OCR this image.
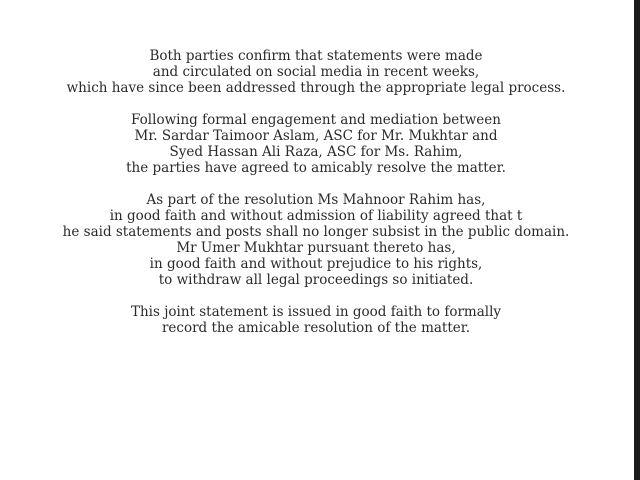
Both parties confirm that statements were made
and circulated on social media in recent weeks,
which have since been addressed through the appropriate legal process.

Following formal engagement and mediation between
Mr. Sardar Taimoor Aslam, ASC for Mr. Mukhtar and
Syed Hassan Ali Raza, ASC for Ms. Rahim,
the parties have agreed to amicably resolve the matter.

As part of the resolution Ms Mahnoor Rahim has,
in good faith and without admission of liability agreed that t
he said statements and posts shall no longer subsist in the public domain.
Mr Umer Mukhtar pursuant thereto has,
in good faith and without prejudice to his rights,
to withdraw all legal proceedings so initiated.

This joint statement is issued in good faith to formally
record the amicable resolution of the matter.
